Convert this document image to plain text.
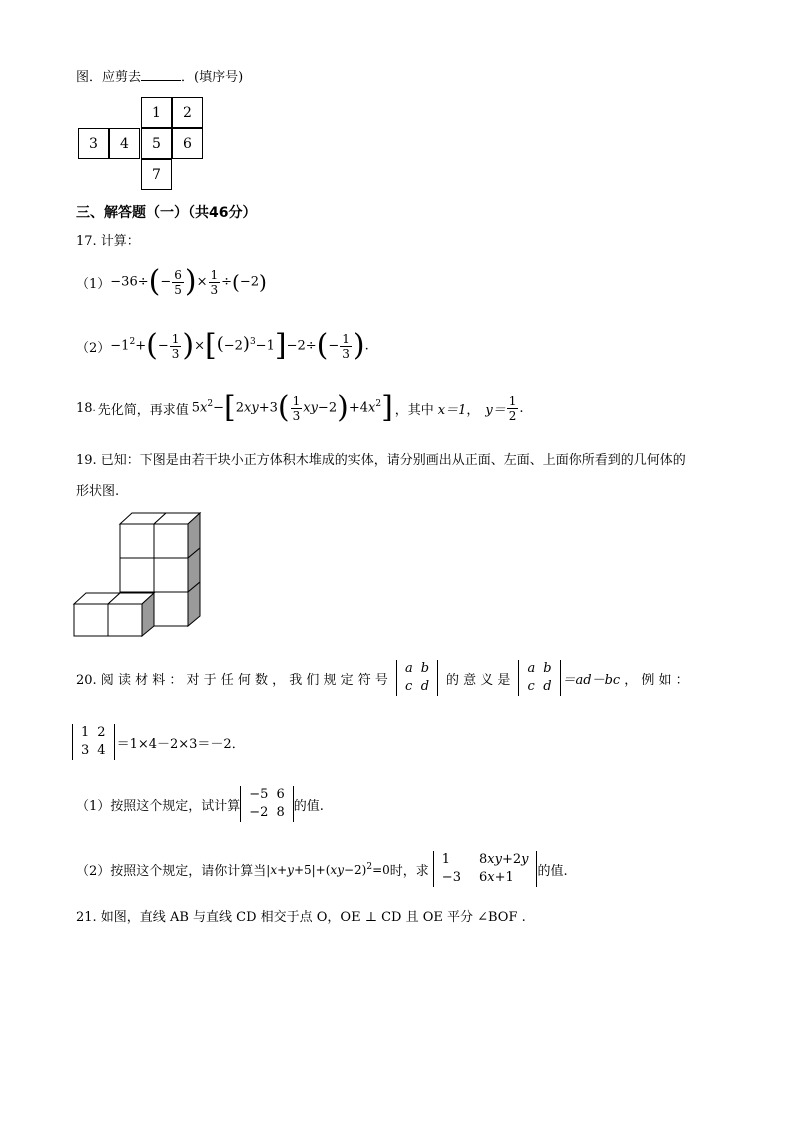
图．应剪去	．(填序号)
1	2
3	4	5	6
7
三、解答题（一）（共46分）
17. 计算：
$(1) -36\div(- \frac{6}{5}$ )× $\frac{1}{3} \div(-2)$
$(2) -1^2+(- \frac{1}{3} )\times[(-2)^3-1]-2\div(- \frac{1}{3}$ ).
18 . 先化简，再求值 $5x^2-[2xy+3( \frac{1}{3} xy-2)+4x^2]$ ，其中 x＝1 ， $y= \frac{1}{2}$ .
19. 已知：下图是由若干块小正方体积木堆成的实体，请分别画出从正面、左面、上面你所看到的几何体的
形状图.
20. 阅 读 材 料 ： 对 于 任 何 数 ， 我 们 规 定 符 号
a	b
c	d 的 意 义 是
a	b
c	d ＝ad－bc ， 例 如 ：
1	2
3	4 ＝1×4－2×3＝－2．
（1）按照这个规定，试计算
−5	6
−2	8 的值.
（2）按照这个规定，请你计算当 $|x+y+5|+(xy-2)^2=0$ 时，求
1	8xy+2y
−3	6x+1 的值.
21. 如图，直线 AB 与直线 CD 相交于点 O，OE ⊥ CD 且 OE 平分 ∠BOF .
